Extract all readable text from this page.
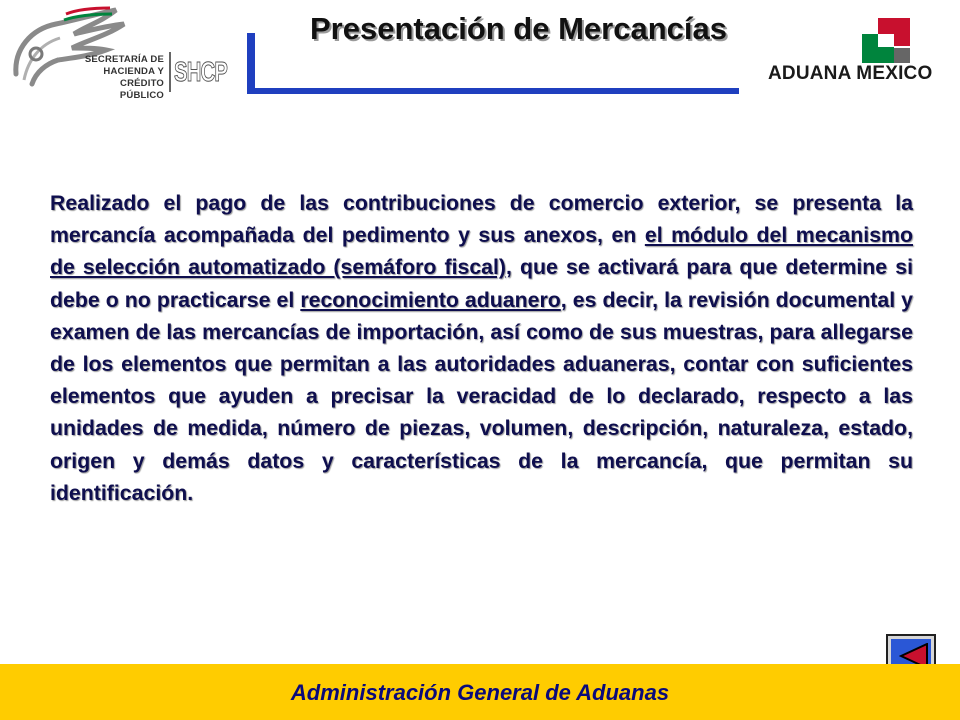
SECRETARÍA DE
HACIENDA Y
CRÉDITO PÚBLICO
SHCP
Presentación de Mercancías
ADUANA MEXICO

Realizado el pago de las contribuciones de comercio exterior, se presenta la mercancía acompañada del pedimento y sus anexos, en el módulo del mecanismo de selección automatizado (semáforo fiscal), que se activará para que determine si debe o no practicarse el reconocimiento aduanero, es decir, la revisión documental y examen de las mercancías de importación, así como de sus muestras, para allegarse de los elementos que permitan a las autoridades aduaneras, contar con suficientes elementos que ayuden a precisar la veracidad de lo declarado, respecto a las unidades de medida, número de piezas, volumen, descripción, naturaleza, estado, origen y demás datos y características de la mercancía, que permitan su identificación.

Administración General de Aduanas
